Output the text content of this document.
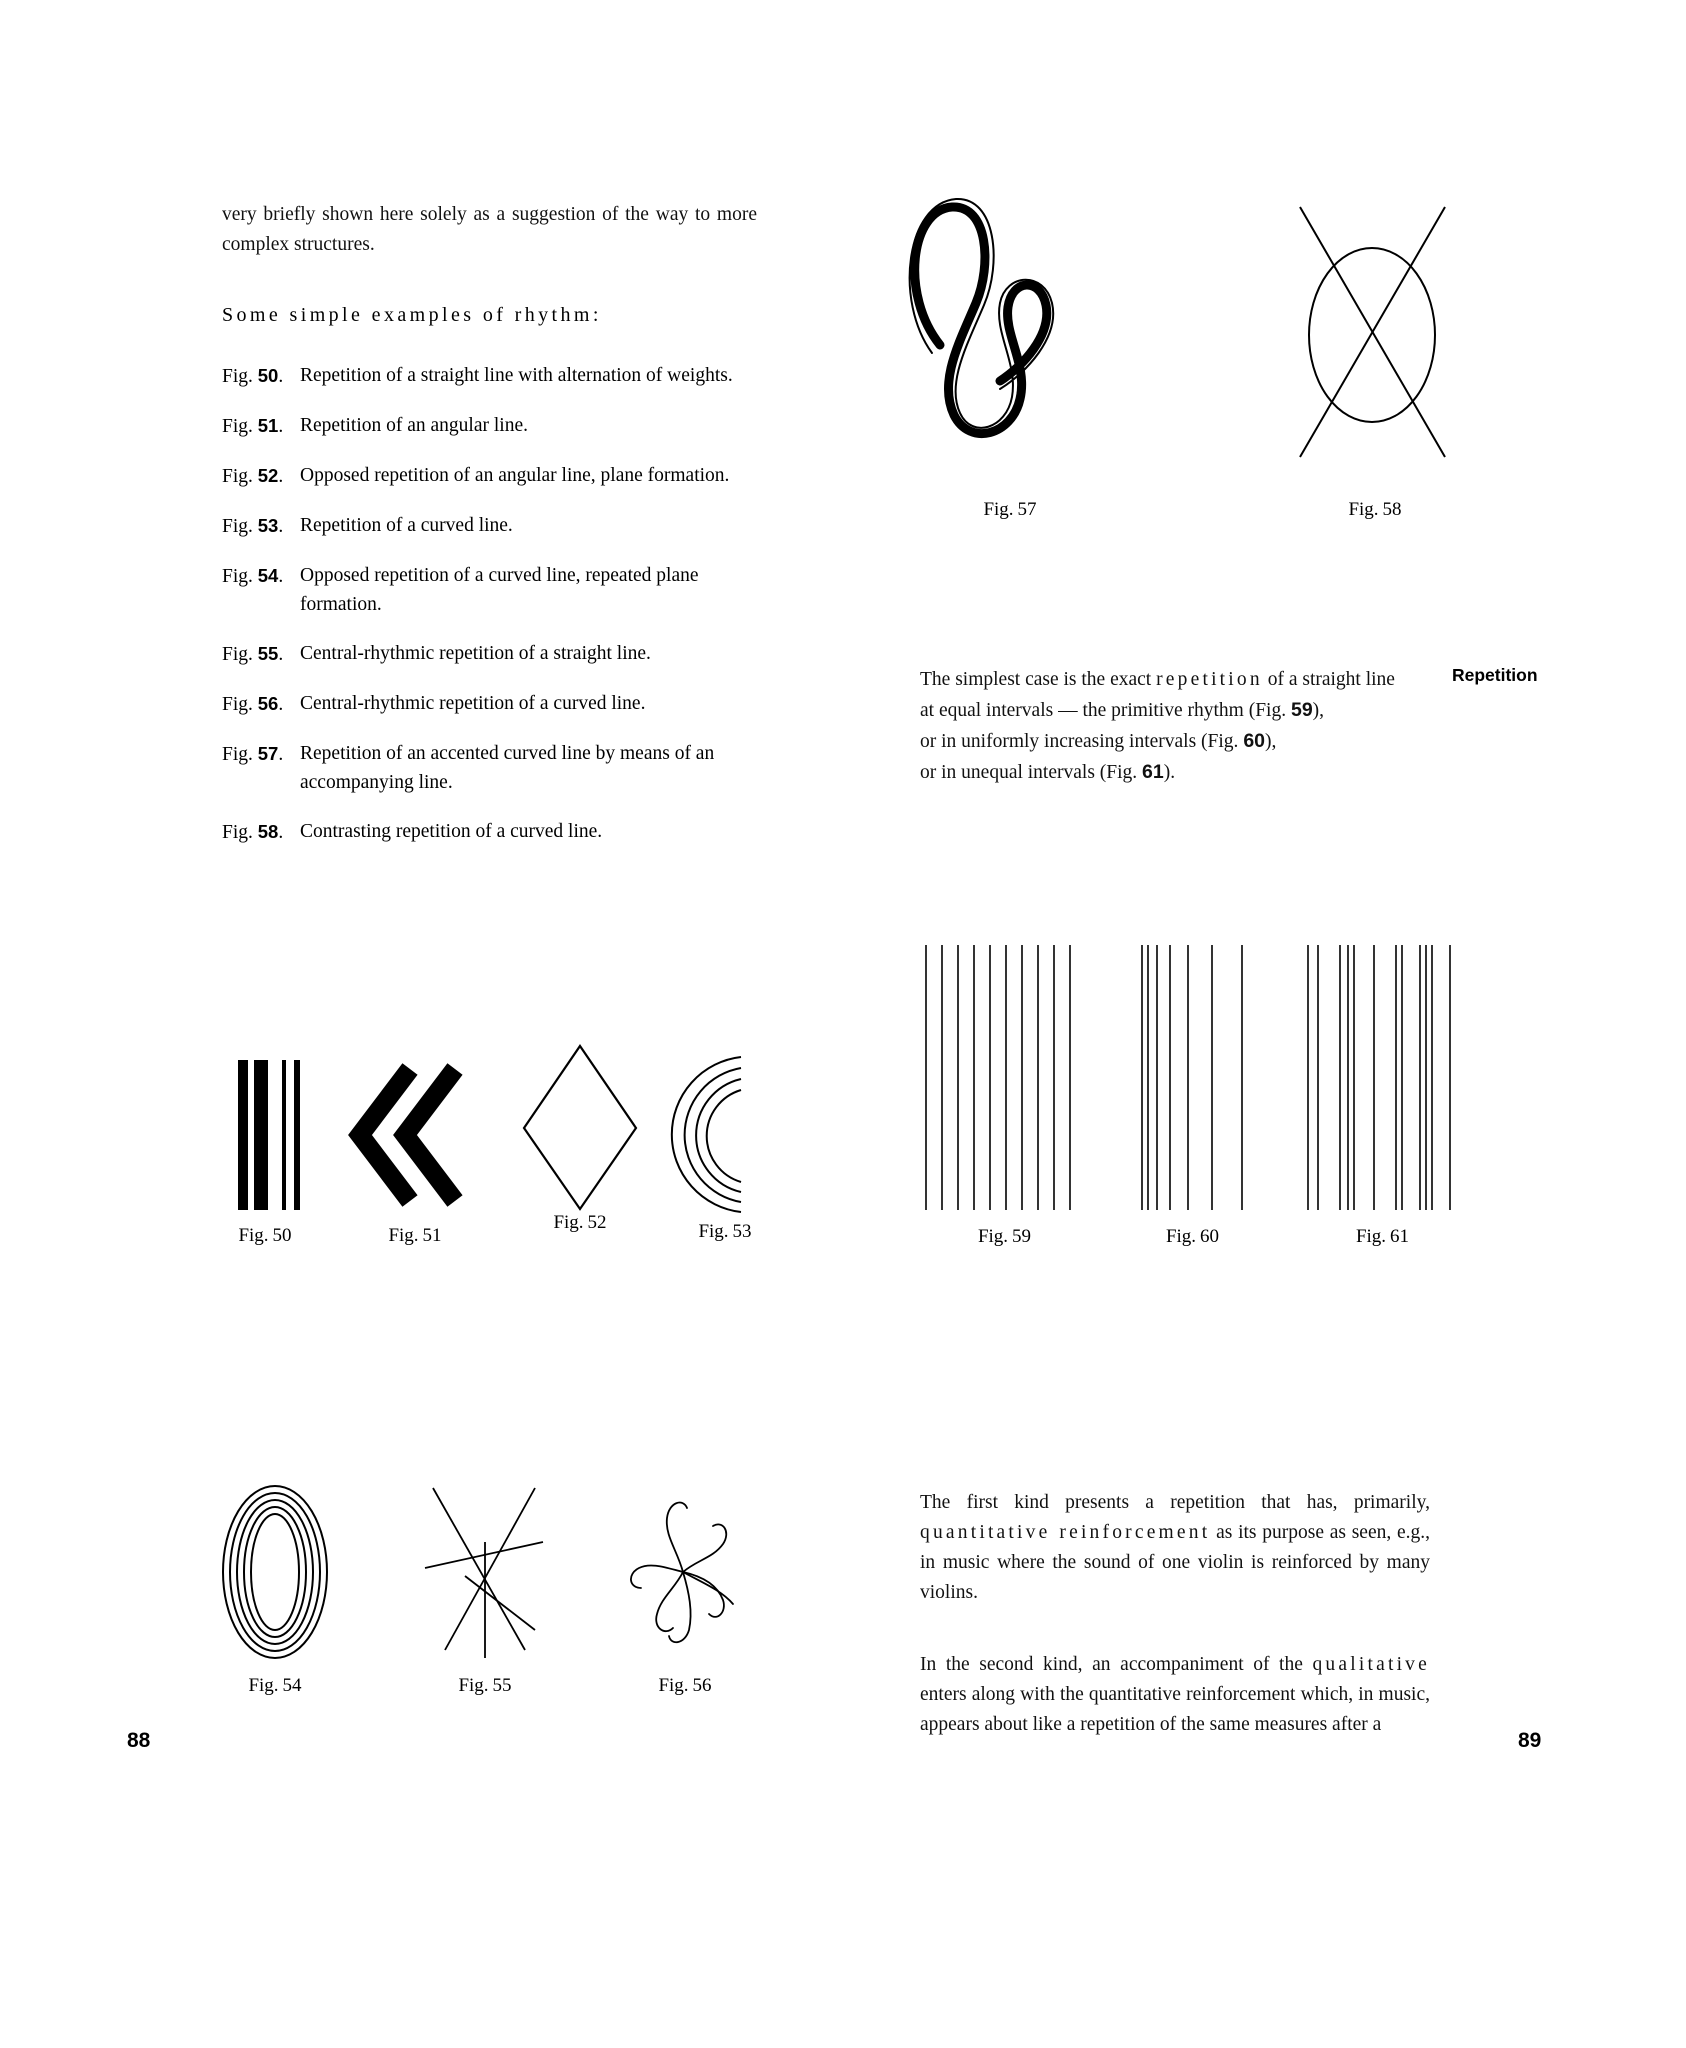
very briefly shown here solely as a suggestion of the way to more complex structures.

Some simple examples of rhythm:
Fig. 50. Repetition of a straight line with alternation of weights.
Fig. 51. Repetition of an angular line.
Fig. 52. Opposed repetition of an angular line, plane formation.
Fig. 53. Repetition of a curved line.
Fig. 54. Opposed repetition of a curved line, repeated plane formation.
Fig. 55. Central-rhythmic repetition of a straight line.
Fig. 56. Central-rhythmic repetition of a curved line.
Fig. 57. Repetition of an accented curved line by means of an accompanying line.
Fig. 58. Contrasting repetition of a curved line.
Fig. 50	Fig. 51
Fig. 52	Fig. 53
Fig. 54	Fig. 55	Fig. 56
Fig. 57	Fig. 58
The simplest case is the exact repetition of a straight line
at equal intervals — the primitive rhythm (Fig. 59),
or in uniformly increasing intervals (Fig. 60),
or in unequal intervals (Fig. 61).
Repetition
Fig. 59	Fig. 60	Fig. 61

The first kind presents a repetition that has, primarily, quantitative reinforcement as its purpose as seen, e.g., in music where the sound of one violin is reinforced by many violins.

In the second kind, an accompaniment of the qualitative enters along with the quantitative reinforcement which, in music, appears about like a repetition of the same measures after a

88	89
